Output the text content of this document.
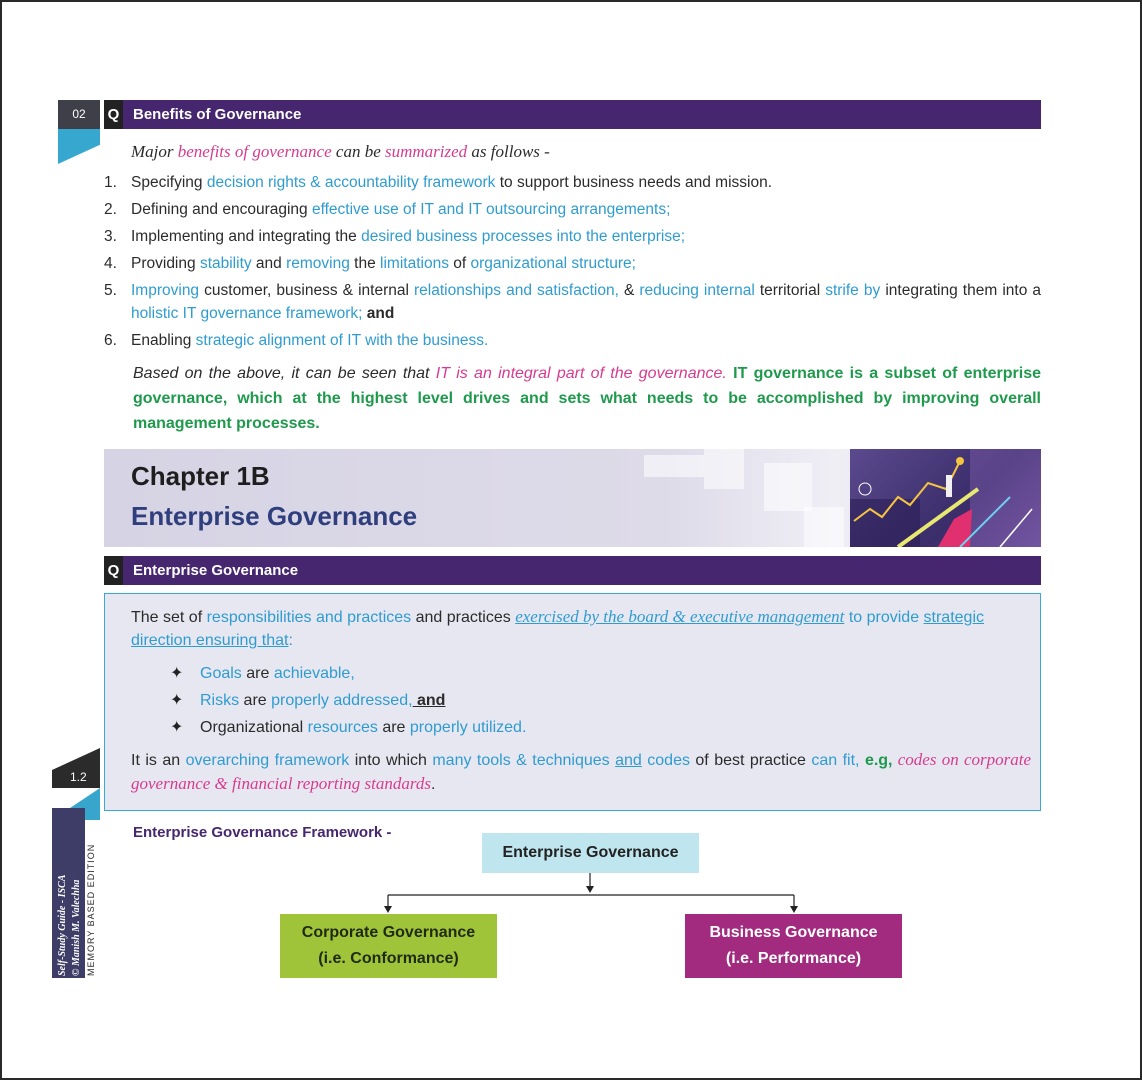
02
1.2
Self-Study Guide - ISCA © Manish M. Valechha MEMORY BASED EDITION
Q Benefits of Governance
Major benefits of governance can be summarized as follows -
1. Specifying decision rights & accountability framework to support business needs and mission.
2. Defining and encouraging effective use of IT and IT outsourcing arrangements;
3. Implementing and integrating the desired business processes into the enterprise;
4. Providing stability and removing the limitations of organizational structure;
5. Improving customer, business & internal relationships and satisfaction, & reducing internal territorial strife by integrating them into a holistic IT governance framework; and
6. Enabling strategic alignment of IT with the business.
Based on the above, it can be seen that IT is an integral part of the governance. IT governance is a subset of enterprise governance, which at the highest level drives and sets what needs to be accomplished by improving overall management processes.
Chapter 1B
Enterprise Governance
Q Enterprise Governance
The set of responsibilities and practices and practices exercised by the board & executive management to provide strategic direction ensuring that:
✦ Goals are achievable,
✦ Risks are properly addressed, and
✦ Organizational resources are properly utilized.
It is an overarching framework into which many tools & techniques and codes of best practice can fit, e.g, codes on corporate governance & financial reporting standards.
Enterprise Governance Framework -
Enterprise Governance
Corporate Governance
(i.e. Conformance)
Business Governance
(i.e. Performance)
